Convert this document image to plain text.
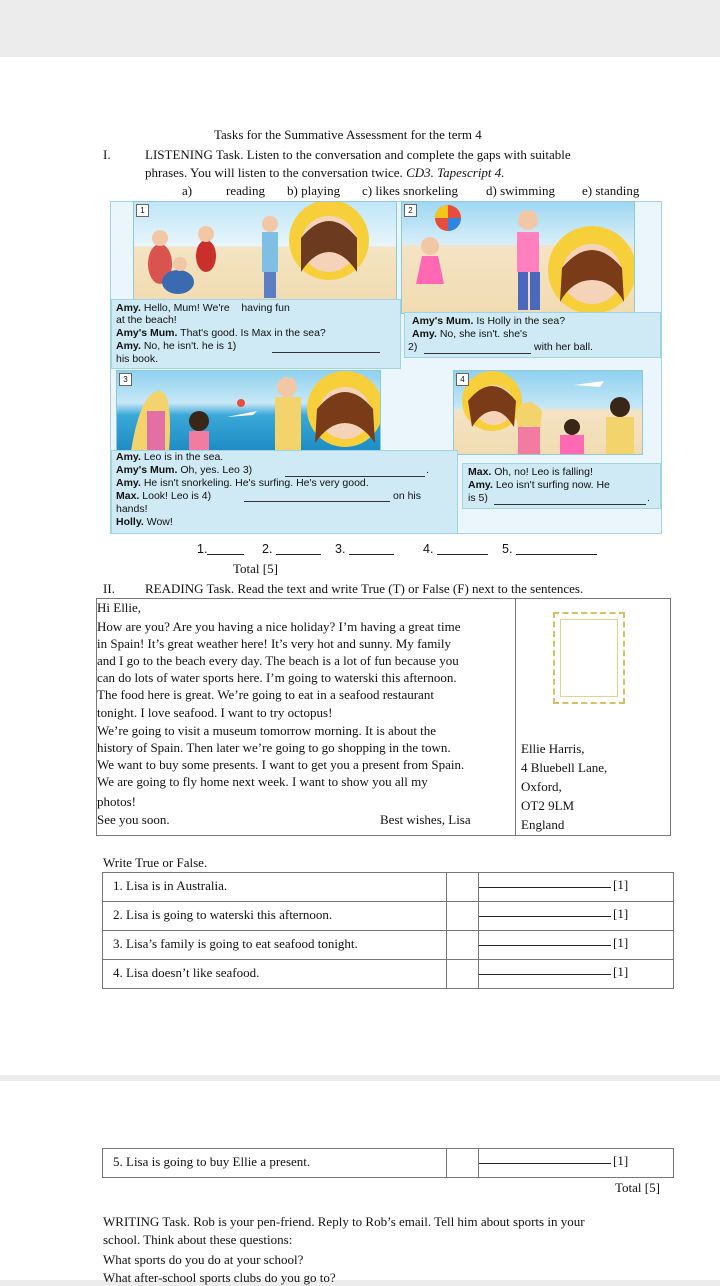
Tasks for the Summative Assessment for the term 4
I.	LISTENING Task. Listen to the conversation and complete the gaps with suitable
phrases. You will listen to the conversation twice. CD3. Tapescript 4.
a)	reading b) playing c) likes snorkeling d) swimming e) standing
1	2
Amy. Hello, Mum! We're having fun
at the beach!
Amy's Mum. That's good. Is Max in the sea?
Amy. No, he isn't. he is 1)
his book.
Amy's Mum. Is Holly in the sea?
Amy. No, she isn't. she's
2)	with her ball.
3	4
Amy. Leo is in the sea.
Amy's Mum. Oh, yes. Leo 3)	.
Amy. He isn't snorkeling. He's surfing. He's very good.
Max. Look! Leo is 4)	on his
hands!
Holly. Wow!
Max. Oh, no! Leo is falling!
Amy. Leo isn't surfing now. He
is 5)	.
1.	2.	3.	4.	5.
Total [5]
II. READING Task. Read the text and write True (T) or False (F) next to the sentences.
Hi Ellie,
How are you? Are you having a nice holiday? I’m having a great time
in Spain! It’s great weather here! It’s very hot and sunny. My family
and I go to the beach every day. The beach is a lot of fun because you
can do lots of water sports here. I’m going to waterski this afternoon.
The food here is great. We’re going to eat in a seafood restaurant
tonight. I love seafood. I want to try octopus!
We’re going to visit a museum tomorrow morning. It is about the
history of Spain. Then later we’re going to go shopping in the town.
We want to buy some presents. I want to get you a present from Spain.
We are going to fly home next week. I want to show you all my
photos!
See you soon.	Best wishes, Lisa
Ellie Harris,
4 Bluebell Lane,
Oxford,
OT2 9LM
England
Write True or False.
1. Lisa is in Australia.	[1]
2. Lisa is going to waterski this afternoon.	[1]
3. Lisa’s family is going to eat seafood tonight.	[1]
4. Lisa doesn’t like seafood.	[1]
5. Lisa is going to buy Ellie a present.	[1]
Total [5]
WRITING Task. Rob is your pen-friend. Reply to Rob’s email. Tell him about sports in your
school. Think about these questions:
What sports do you do at your school?
What after-school sports clubs do you go to?
